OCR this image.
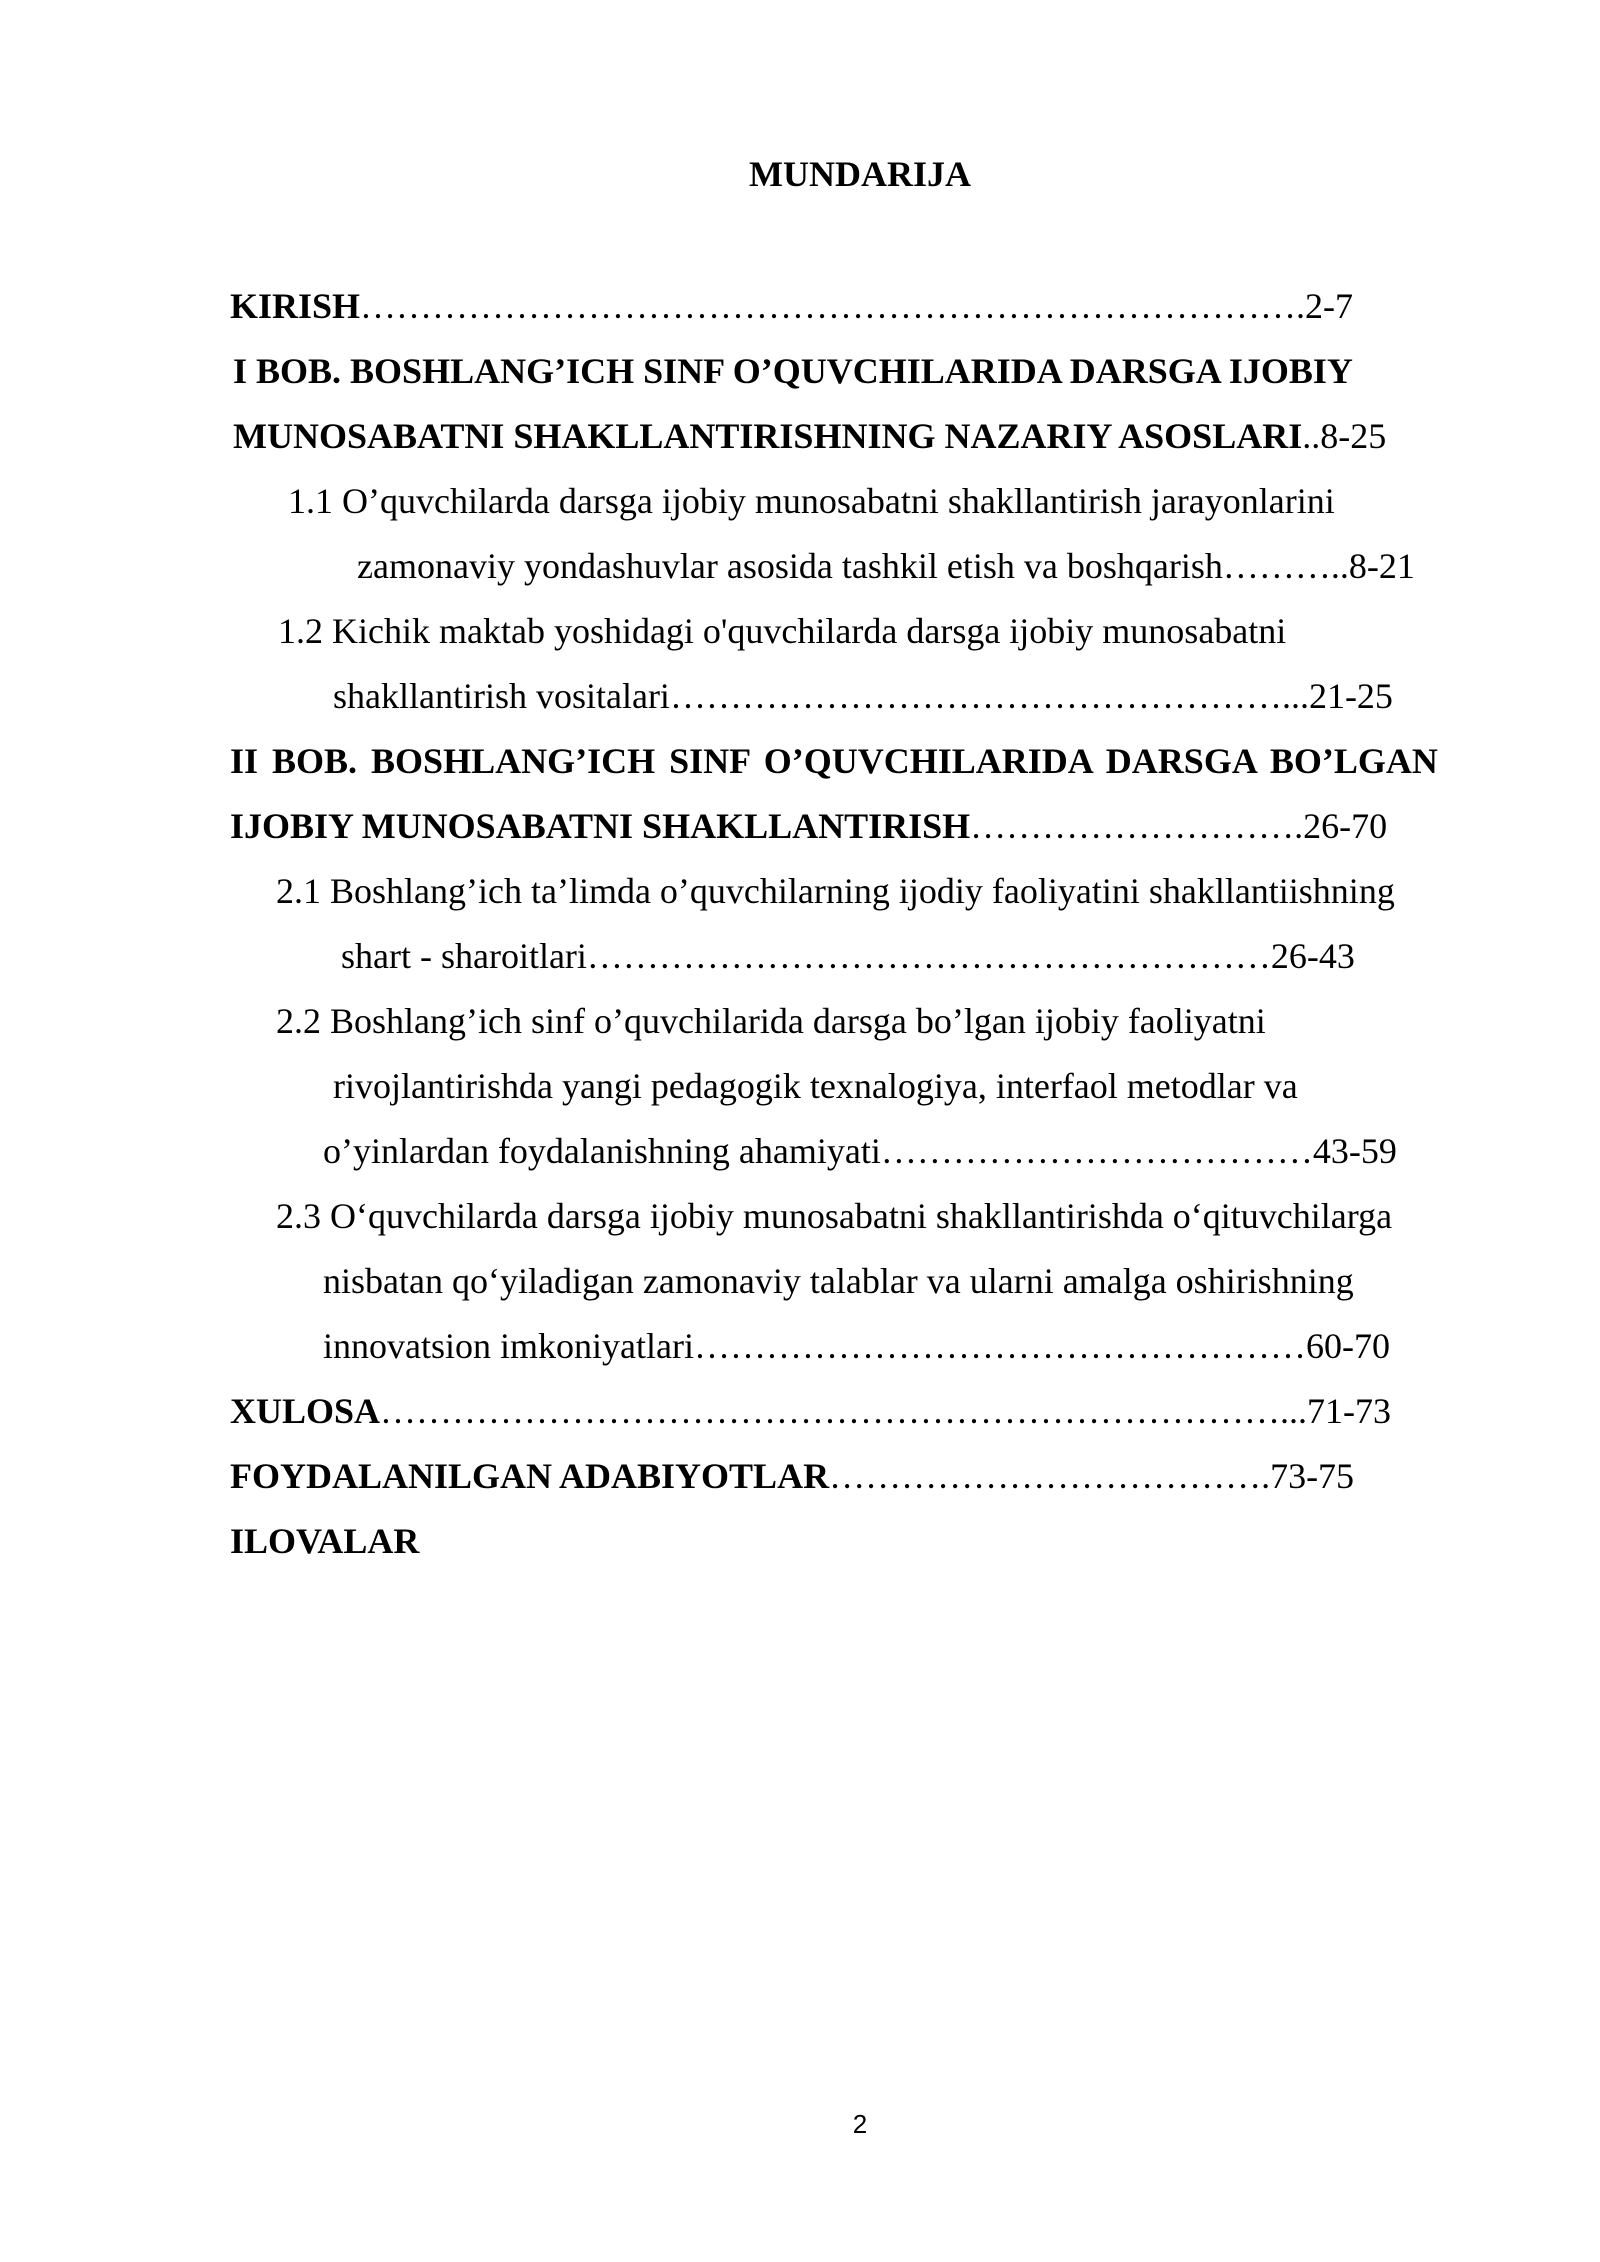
MUNDARIJA
KIRISH…………………………………………………………………….2-7
I BOB. BOSHLANG’ICH SINF O’QUVCHILARIDA DARSGA IJOBIY
MUNOSABATNI SHAKLLANTIRISHNING NAZARIY ASOSLARI..8-25
1.1 O’quvchilarda darsga ijobiy munosabatni shakllantirish jarayonlarini
zamonaviy yondashuvlar asosida tashkil etish va boshqarish………..8-21
1.2 Kichik maktab yoshidagi o'quvchilarda darsga ijobiy munosabatni
shakllantirish vositalari……………………………………………...21-25
II BOB. BOSHLANG’ICH SINF O’QUVCHILARIDA DARSGA BO’LGAN
IJOBIY MUNOSABATNI SHAKLLANTIRISH……………………….26-70
2.1 Boshlang’ich ta’limda o’quvchilarning ijodiy faoliyatini shakllantiishning
shart - sharoitlari…………………………………………………26-43
2.2 Boshlang’ich sinf o’quvchilarida darsga bo’lgan ijobiy faoliyatni
rivojlantirishda yangi pedagogik texnalogiya, interfaol metodlar va
o’yinlardan foydalanishning ahamiyati………………………………43-59
2.3 O‘quvchilarda darsga ijobiy munosabatni shakllantirishda o‘qituvchilarga
nisbatan qo‘yiladigan zamonaviy talablar va ularni amalga oshirishning
innovatsion imkoniyatlari……………………………………………60-70
XULOSA…………………………………………………………………...71-73
FOYDALANILGAN ADABIYOTLAR……………………………….73-75
ILOVALAR
2
